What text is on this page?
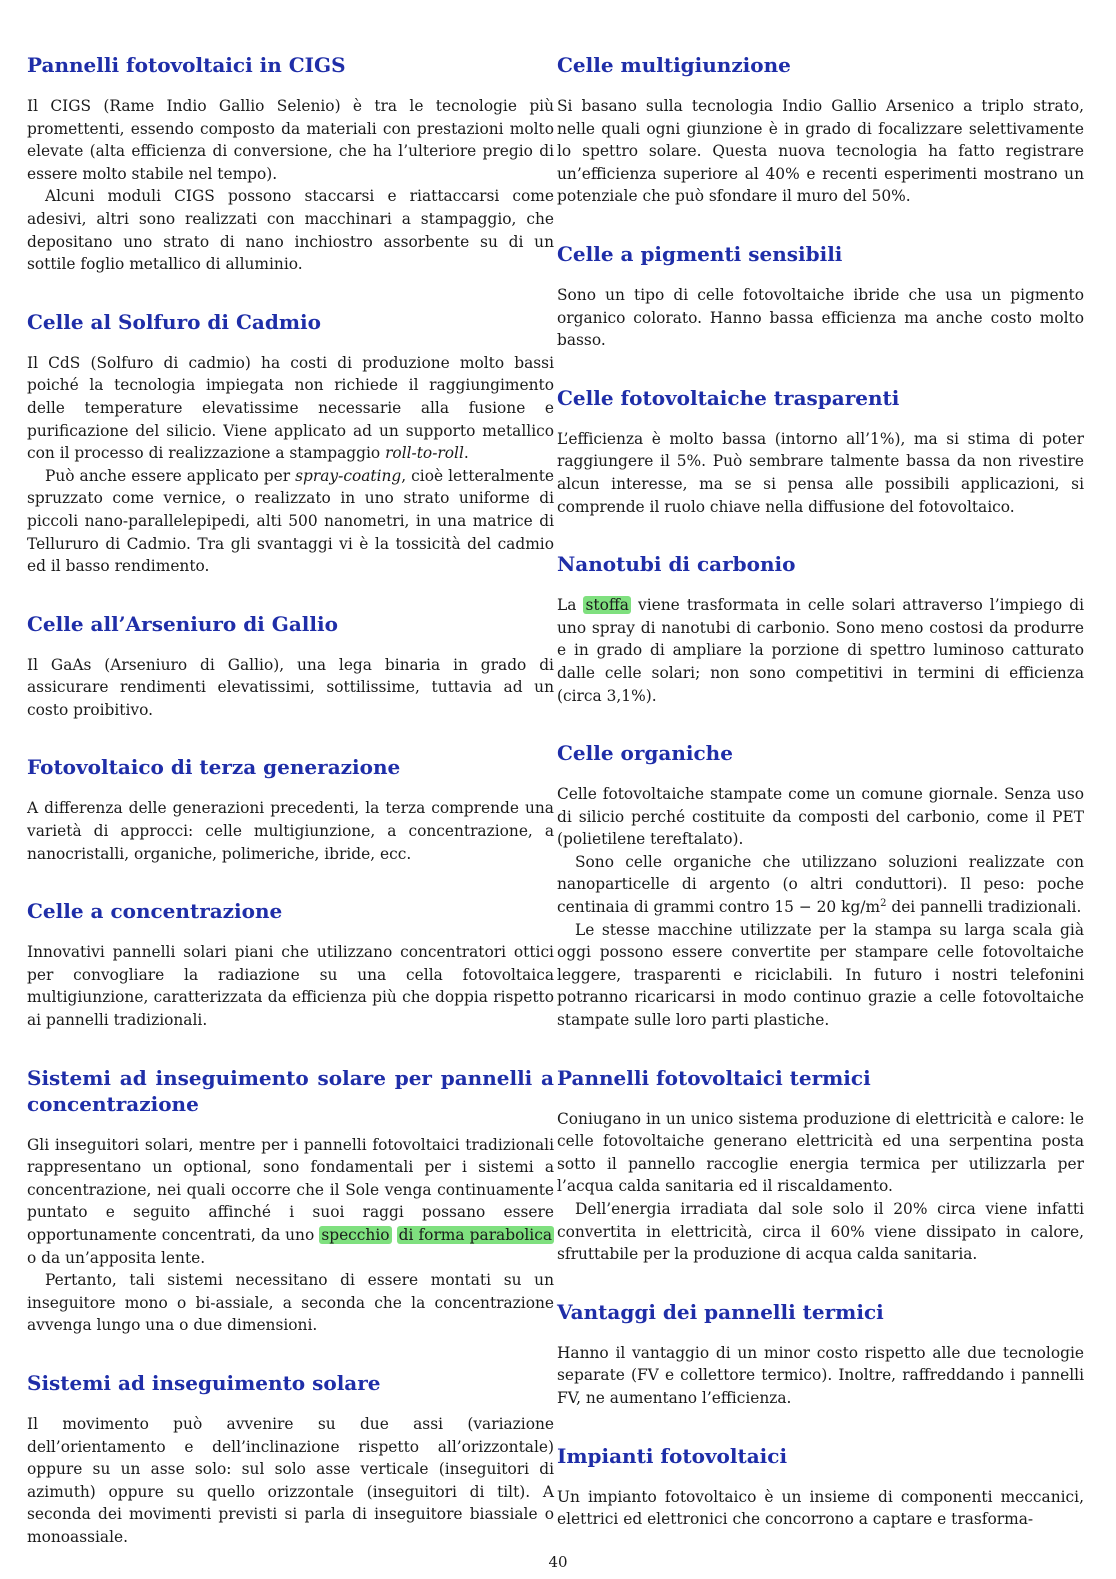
Pannelli fotovoltaici in CIGS

Il CIGS (Rame Indio Gallio Selenio) è tra le tecnologie più promettenti, essendo composto da materiali con prestazioni molto elevate (alta efficienza di conversione, che ha l’ulteriore pregio di essere molto stabile nel tempo).

Alcuni moduli CIGS possono staccarsi e riattaccarsi come adesivi, altri sono realizzati con macchinari a stampaggio, che depositano uno strato di nano inchiostro assorbente su di un sottile foglio metallico di alluminio.

Celle al Solfuro di Cadmio

Il CdS (Solfuro di cadmio) ha costi di produzione molto bassi poiché la tecnologia impiegata non richiede il raggiungimento delle temperature elevatissime necessarie alla fusione e purificazione del silicio. Viene applicato ad un supporto metallico con il processo di realizzazione a stampaggio roll-to-roll.

Può anche essere applicato per spray-coating, cioè letteralmente spruzzato come vernice, o realizzato in uno strato uniforme di piccoli nano-parallelepipedi, alti 500 nanometri, in una matrice di Tellururo di Cadmio. Tra gli svantaggi vi è la tossicità del cadmio ed il basso rendimento.

Celle all’Arseniuro di Gallio

Il GaAs (Arseniuro di Gallio), una lega binaria in grado di assicurare rendimenti elevatissimi, sottilissime, tuttavia ad un costo proibitivo.

Fotovoltaico di terza generazione

A differenza delle generazioni precedenti, la terza comprende una varietà di approcci: celle multigiunzione, a concentrazione, a nanocristalli, organiche, polimeriche, ibride, ecc.

Celle a concentrazione

Innovativi pannelli solari piani che utilizzano concentratori ottici per convogliare la radiazione su una cella fotovoltaica multigiunzione, caratterizzata da efficienza più che doppia rispetto ai pannelli tradizionali.

Sistemi ad inseguimento solare per pannelli a concentrazione

Gli inseguitori solari, mentre per i pannelli fotovoltaici tradizionali rappresentano un optional, sono fondamentali per i sistemi a concentrazione, nei quali occorre che il Sole venga continuamente puntato e seguito affinché i suoi raggi possano essere opportunamente concentrati, da uno specchio di forma parabolica o da un’apposita lente.

Pertanto, tali sistemi necessitano di essere montati su un inseguitore mono o bi-assiale, a seconda che la concentrazione avvenga lungo una o due dimensioni.

Sistemi ad inseguimento solare

Il movimento può avvenire su due assi (variazione dell’orientamento e dell’inclinazione rispetto all’orizzontale) oppure su un asse solo: sul solo asse verticale (inseguitori di azimuth) oppure su quello orizzontale (inseguitori di tilt). A seconda dei movimenti previsti si parla di inseguitore biassiale o monoassiale.

Celle multigiunzione

Si basano sulla tecnologia Indio Gallio Arsenico a triplo strato, nelle quali ogni giunzione è in grado di focalizzare selettivamente lo spettro solare. Questa nuova tecnologia ha fatto registrare un’efficienza superiore al 40% e recenti esperimenti mostrano un potenziale che può sfondare il muro del 50%.

Celle a pigmenti sensibili

Sono un tipo di celle fotovoltaiche ibride che usa un pigmento organico colorato. Hanno bassa efficienza ma anche costo molto basso.

Celle fotovoltaiche trasparenti

L’efficienza è molto bassa (intorno all’1%), ma si stima di poter raggiungere il 5%. Può sembrare talmente bassa da non rivestire alcun interesse, ma se si pensa alle possibili applicazioni, si comprende il ruolo chiave nella diffusione del fotovoltaico.

Nanotubi di carbonio

La stoffa viene trasformata in celle solari attraverso l’impiego di uno spray di nanotubi di carbonio. Sono meno costosi da produrre e in grado di ampliare la porzione di spettro luminoso catturato dalle celle solari; non sono competitivi in termini di efficienza (circa 3,1%).

Celle organiche

Celle fotovoltaiche stampate come un comune giornale. Senza uso di silicio perché costituite da composti del carbonio, come il PET (polietilene tereftalato).

Sono celle organiche che utilizzano soluzioni realizzate con nanoparticelle di argento (o altri conduttori). Il peso: poche centinaia di grammi contro 15 − 20 $kg/m^2$ dei pannelli tradizionali.

Le stesse macchine utilizzate per la stampa su larga scala già oggi possono essere convertite per stampare celle fotovoltaiche leggere, trasparenti e riciclabili. In futuro i nostri telefonini potranno ricaricarsi in modo continuo grazie a celle fotovoltaiche stampate sulle loro parti plastiche.

Pannelli fotovoltaici termici

Coniugano in un unico sistema produzione di elettricità e calore: le celle fotovoltaiche generano elettricità ed una serpentina posta sotto il pannello raccoglie energia termica per utilizzarla per l’acqua calda sanitaria ed il riscaldamento.

Dell’energia irradiata dal sole solo il 20% circa viene infatti convertita in elettricità, circa il 60% viene dissipato in calore, sfruttabile per la produzione di acqua calda sanitaria.

Vantaggi dei pannelli termici

Hanno il vantaggio di un minor costo rispetto alle due tecnologie separate (FV e collettore termico). Inoltre, raffreddando i pannelli FV, ne aumentano l’efficienza.

Impianti fotovoltaici

Un impianto fotovoltaico è un insieme di componenti meccanici, elettrici ed elettronici che concorrono a captare e trasforma-

40
